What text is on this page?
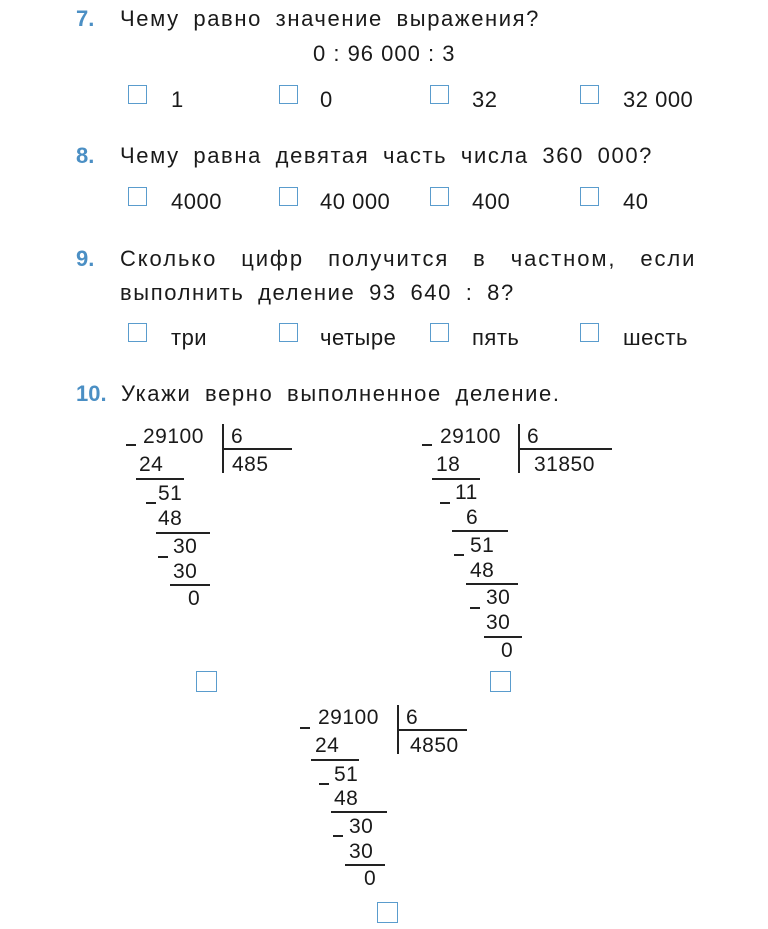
7. Чему равно значение выражения?
0 : 96 000 : 3
1	0	32	32 000
8. Чему равна девятая часть числа 360 000?
4000	40 000	400	40
9. Сколько цифр получится в частном, если
выполнить деление 93 640 : 8?
три	четыре	пять	шесть
10. Укажи верно выполненное деление.
29100 6
485
24
51
48
30
30
0
29100 6
31850
18
11
6
51
48
30
30
0
29100 6
4850
24
51
48
30
30
0
